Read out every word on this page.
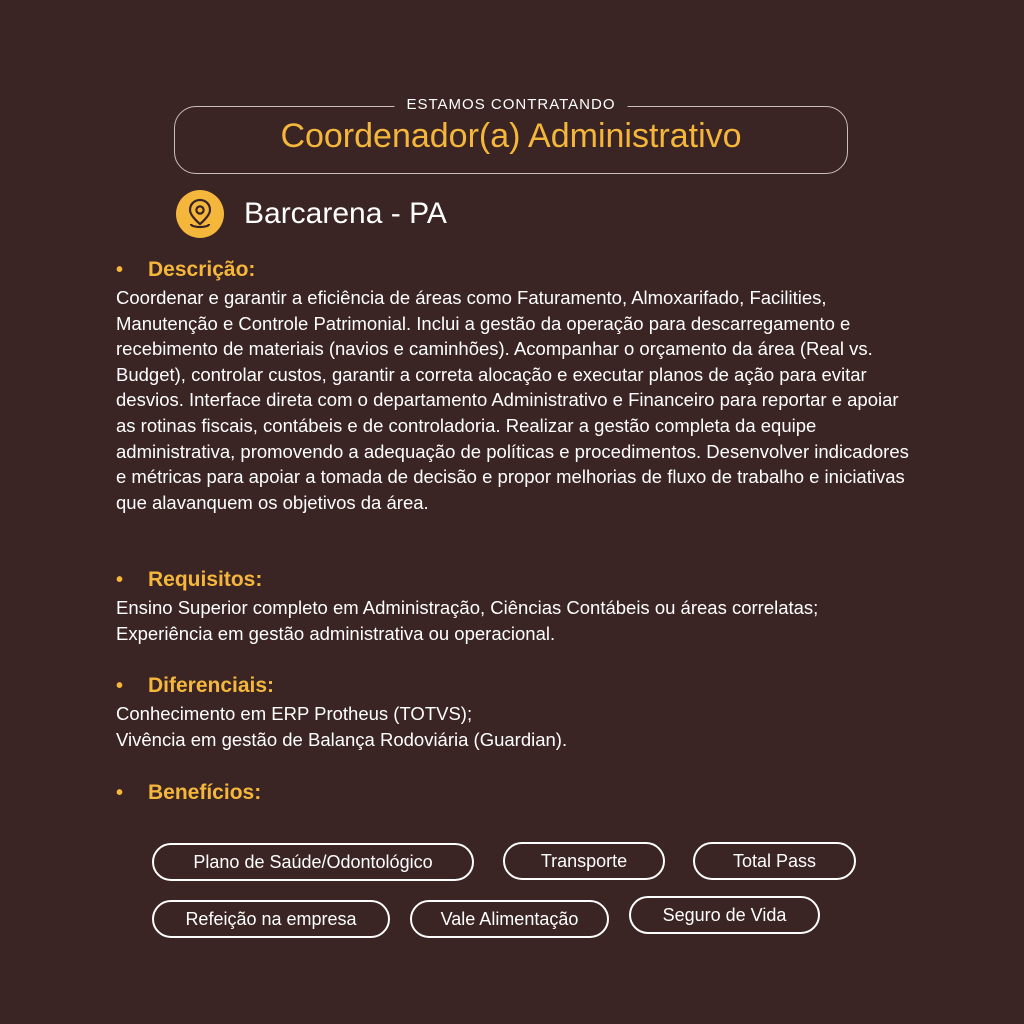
ESTAMOS CONTRATANDO
Coordenador(a) Administrativo
Barcarena - PA
•	Descrição:

Coordenar e garantir a eficiência de áreas como Faturamento, Almoxarifado, Facilities, Manutenção e Controle Patrimonial. Inclui a gestão da operação para descarregamento e recebimento de materiais (navios e caminhões). Acompanhar o orçamento da área (Real vs. Budget), controlar custos, garantir a correta alocação e executar planos de ação para evitar desvios. Interface direta com o departamento Administrativo e Financeiro para reportar e apoiar as rotinas fiscais, contábeis e de controladoria. Realizar a gestão completa da equipe administrativa, promovendo a adequação de políticas e procedimentos. Desenvolver indicadores e métricas para apoiar a tomada de decisão e propor melhorias de fluxo de trabalho e iniciativas que alavanquem os objetivos da área.

•	Requisitos:

Ensino Superior completo em Administração, Ciências Contábeis ou áreas correlatas;

Experiência em gestão administrativa ou operacional.

•	Diferenciais:

Conhecimento em ERP Protheus (TOTVS);

Vivência em gestão de Balança Rodoviária (Guardian).

•	Benefícios:
Plano de Saúde/Odontológico	Transporte	Total Pass
Refeição na empresa	Vale Alimentação	Seguro de Vida
